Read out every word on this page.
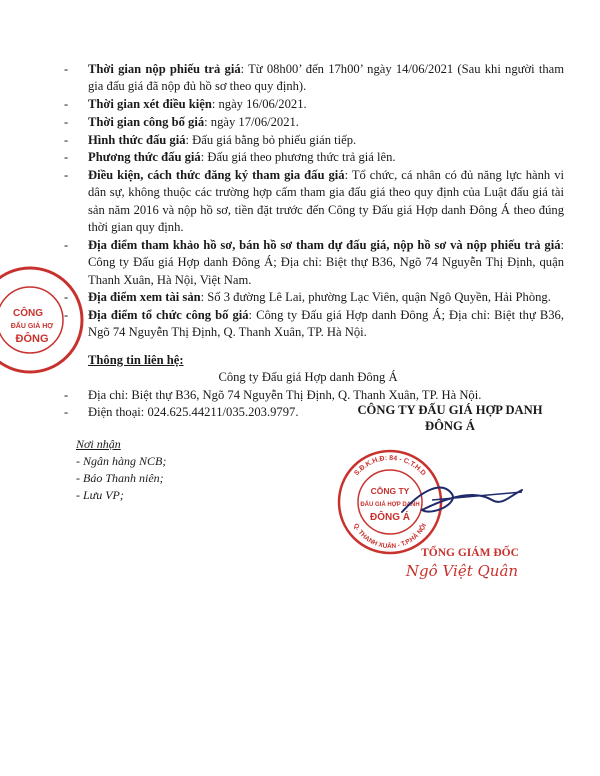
- Thời gian nộp phiếu trả giá: Từ 08h00’ đến 17h00’ ngày 14/06/2021 (Sau khi người tham gia đấu giá đã nộp đủ hồ sơ theo quy định).
- Thời gian xét điều kiện: ngày 16/06/2021.
- Thời gian công bố giá: ngày 17/06/2021.
- Hình thức đấu giá: Đấu giá bằng bỏ phiếu gián tiếp.
- Phương thức đấu giá: Đấu giá theo phương thức trả giá lên.
- Điều kiện, cách thức đăng ký tham gia đấu giá: Tổ chức, cá nhân có đủ năng lực hành vi dân sự, không thuộc các trường hợp cấm tham gia đấu giá theo quy định của Luật đấu giá tài sản năm 2016 và nộp hồ sơ, tiền đặt trước đến Công ty Đấu giá Hợp danh Đông Á theo đúng thời gian quy định.
- Địa điểm tham khảo hồ sơ, bán hồ sơ tham dự đấu giá, nộp hồ sơ và nộp phiếu trả giá: Công ty Đấu giá Hợp danh Đông Á; Địa chỉ: Biệt thự B36, Ngõ 74 Nguyễn Thị Định, quận Thanh Xuân, Hà Nội, Việt Nam.
- Địa điểm xem tài sản: Số 3 đường Lê Lai, phường Lạc Viên, quận Ngô Quyền, Hải Phòng.
- Địa điểm tổ chức công bố giá: Công ty Đấu giá Hợp danh Đông Á; Địa chỉ: Biệt thự B36, Ngõ 74 Nguyễn Thị Định, Q. Thanh Xuân, TP. Hà Nội.
Thông tin liên hệ:
Công ty Đấu giá Hợp danh Đông Á
- Địa chỉ: Biệt thự B36, Ngõ 74 Nguyễn Thị Định, Q. Thanh Xuân, TP. Hà Nội.
- Điện thoại: 024.625.44211/035.203.9797.
Nơi nhận
- Ngân hàng NCB;
- Báo Thanh niên;
- Lưu VP;
CÔNG TY ĐẤU GIÁ HỢP DANH
ĐÔNG Á
CÔNG
ĐẤU GIÁ HỢ
ĐÔNG
S.Đ.K.H.Đ: 84 - C.T.H.D
Q. THANH XUÂN - T.P.HÀ NỘI
CÔNG TY
ĐẤU GIÁ HỢP DANH
ĐÔNG Á
TỔNG GIÁM ĐỐC
Ngô Việt Quân
